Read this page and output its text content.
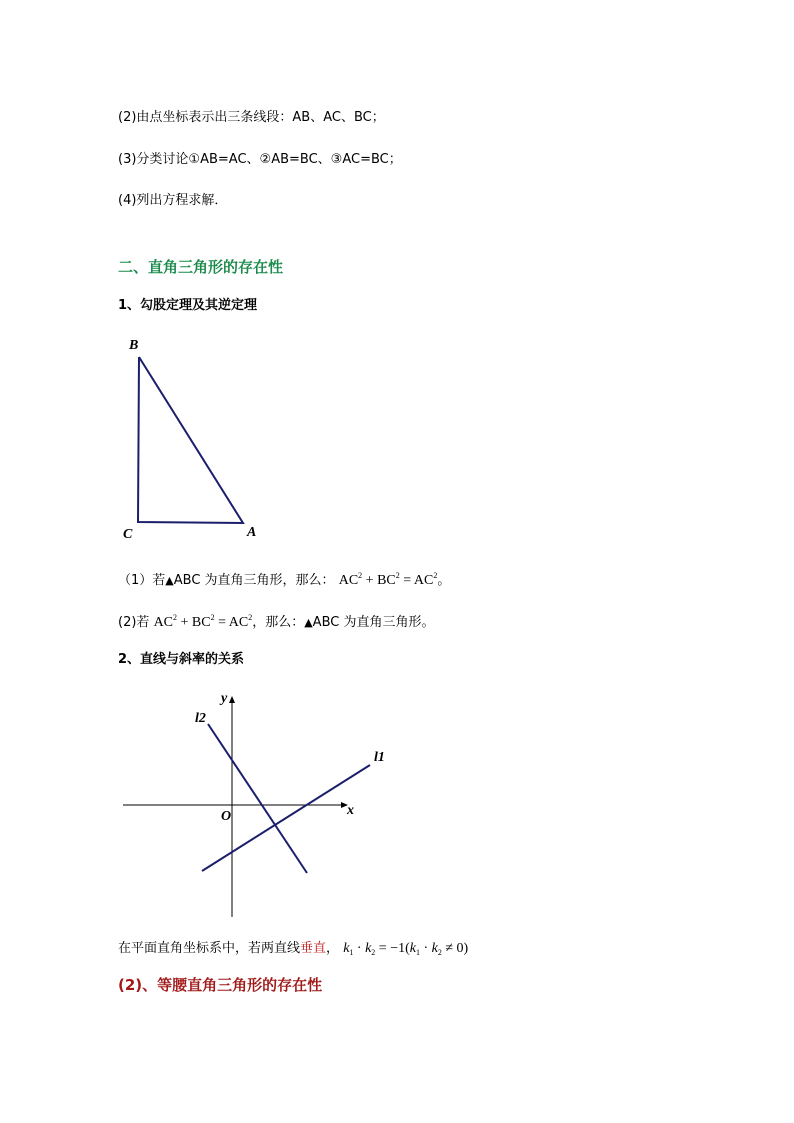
(2)由点坐标表示出三条线段：AB、AC、BC；
(3)分类讨论①AB=AC、②AB=BC、③AC=BC；
(4)列出方程求解．
二、直角三角形的存在性
1、勾股定理及其逆定理
B
C	A
（1）若▲ABC 为直角三角形，那么： $AC^2 + BC^2 = AC^2$。
(2)若 $AC^2 + BC^2 = AC^2$，那么：▲ABC 为直角三角形。
2、直线与斜率的关系
y
x
O
l1
l2
在平面直角坐标系中，若两直线垂直， $k_1 \cdot k_2 = -1(k_1 \cdot k_2 \ne 0)$
(2)、等腰直角三角形的存在性
